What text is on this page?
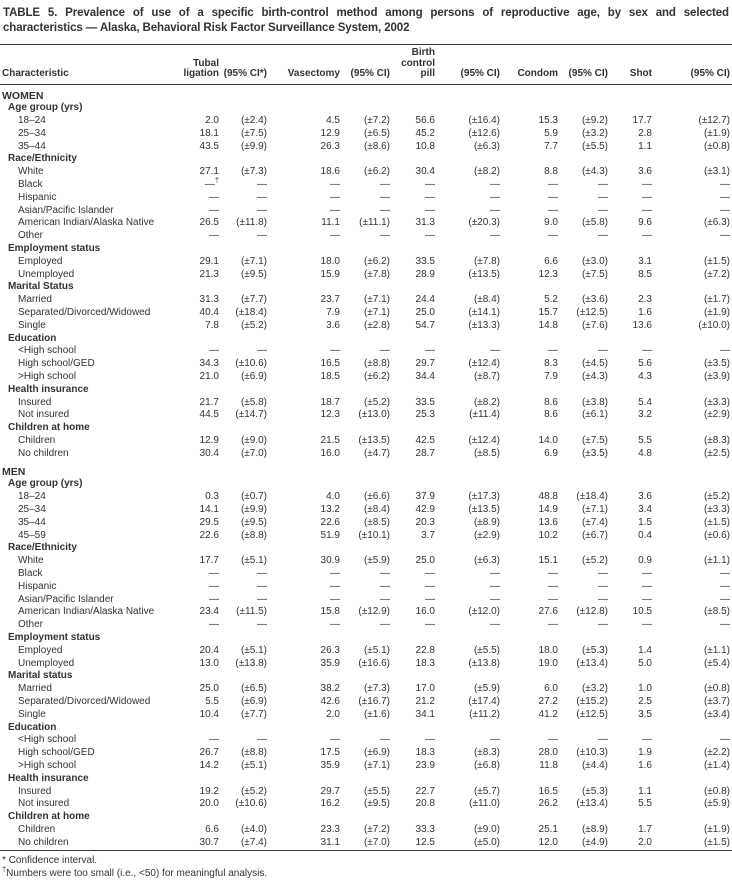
TABLE 5. Prevalence of use of a specific birth-control method among persons of reproductive age, by sex and selected
characteristics — Alaska, Behavioral Risk Factor Surveillance System, 2002
Characteristic	
Tubal
ligation	(95% CI*)	Vasectomy	(95% CI)	
Birth
control
pill	(95% CI)	Condom	(95% CI)	Shot	(95% CI)
WOMEN										
Age group (yrs)										
18–24	2.0	(±2.4)	4.5	(±7.2)	56.6	(±16.4)	15.3	(±9.2)	17.7	(±12.7)
25–34	18.1	(±7.5)	12.9	(±6.5)	45.2	(±12.6)	5.9	(±3.2)	2.8	(±1.9)
35–44	43.5	(±9.9)	26.3	(±8.6)	10.8	(±6.3)	7.7	(±5.5)	1.1	(±0.8)
Race/Ethnicity										
White	27.1	(±7.3)	18.6	(±6.2)	30.4	(±8.2)	8.8	(±4.3)	3.6	(±3.1)
Black	—†	—	—	—	—	—	—	—	—	—
Hispanic	—	—	—	—	—	—	—	—	—	—
Asian/Pacific Islander	—	—	—	—	—	—	—	—	—	—
American Indian/Alaska Native	26.5	(±11.8)	11.1	(±11.1)	31.3	(±20.3)	9.0	(±5.8)	9.6	(±6.3)
Other	—	—	—	—	—	—	—	—	—	—
Employment status										
Employed	29.1	(±7.1)	18.0	(±6.2)	33.5	(±7.8)	6.6	(±3.0)	3.1	(±1.5)
Unemployed	21.3	(±9.5)	15.9	(±7.8)	28.9	(±13.5)	12.3	(±7.5)	8.5	(±7.2)
Marital Status										
Married	31.3	(±7.7)	23.7	(±7.1)	24.4	(±8.4)	5.2	(±3.6)	2.3	(±1.7)
Separated/Divorced/Widowed	40.4	(±18.4)	7.9	(±7.1)	25.0	(±14.1)	15.7	(±12.5)	1.6	(±1.9)
Single	7.8	(±5.2)	3.6	(±2.8)	54.7	(±13.3)	14.8	(±7.6)	13.6	(±10.0)
Education										
<High school	—	—	—	—	—	—	—	—	—	—
High school/GED	34.3	(±10.6)	16.5	(±8.8)	29.7	(±12.4)	8.3	(±4.5)	5.6	(±3.5)
>High school	21.0	(±6.9)	18.5	(±6.2)	34.4	(±8.7)	7.9	(±4.3)	4.3	(±3.9)
Health insurance										
Insured	21.7	(±5.8)	18.7	(±5.2)	33.5	(±8.2)	8.6	(±3.8)	5.4	(±3.3)
Not insured	44.5	(±14.7)	12.3	(±13.0)	25.3	(±11.4)	8.6	(±6.1)	3.2	(±2.9)
Children at home										
Children	12.9	(±9.0)	21.5	(±13.5)	42.5	(±12.4)	14.0	(±7.5)	5.5	(±8.3)
No children	30.4	(±7.0)	16.0	(±4.7)	28.7	(±8.5)	6.9	(±3.5)	4.8	(±2.5)
MEN										
Age group (yrs)										
18–24	0.3	(±0.7)	4.0	(±6.6)	37.9	(±17.3)	48.8	(±18.4)	3.6	(±5.2)
25–34	14.1	(±9.9)	13.2	(±8.4)	42.9	(±13.5)	14.9	(±7.1)	3.4	(±3.3)
35–44	29.5	(±9.5)	22.6	(±8.5)	20.3	(±8.9)	13.6	(±7.4)	1.5	(±1.5)
45–59	22.6	(±8.8)	51.9	(±10.1)	3.7	(±2.9)	10.2	(±6.7)	0.4	(±0.6)
Race/Ethnicity										
White	17.7	(±5.1)	30.9	(±5.9)	25.0	(±6.3)	15.1	(±5.2)	0.9	(±1.1)
Black	—	—	—	—	—	—	—	—	—	—
Hispanic	—	—	—	—	—	—	—	—	—	—
Asian/Pacific Islander	—	—	—	—	—	—	—	—	—	—
American Indian/Alaska Native	23.4	(±11.5)	15.8	(±12.9)	16.0	(±12.0)	27.6	(±12.8)	10.5	(±8.5)
Other	—	—	—	—	—	—	—	—	—	—
Employment status										
Employed	20.4	(±5.1)	26.3	(±5.1)	22.8	(±5.5)	18.0	(±5.3)	1.4	(±1.1)
Unemployed	13.0	(±13.8)	35.9	(±16.6)	18.3	(±13.8)	19.0	(±13.4)	5.0	(±5.4)
Marital status										
Married	25.0	(±6.5)	38.2	(±7.3)	17.0	(±5.9)	6.0	(±3.2)	1.0	(±0.8)
Separated/Divorced/Widowed	5.5	(±6.9)	42.6	(±16.7)	21.2	(±17.4)	27.2	(±15.2)	2.5	(±3.7)
Single	10.4	(±7.7)	2.0	(±1.6)	34.1	(±11.2)	41.2	(±12.5)	3.5	(±3.4)
Education										
<High school	—	—	—	—	—	—	—	—	—	—
High school/GED	26.7	(±8.8)	17.5	(±6.9)	18.3	(±8.3)	28.0	(±10.3)	1.9	(±2.2)
>High school	14.2	(±5.1)	35.9	(±7.1)	23.9	(±6.8)	11.8	(±4.4)	1.6	(±1.4)
Health insurance										
Insured	19.2	(±5.2)	29.7	(±5.5)	22.7	(±5.7)	16.5	(±5.3)	1.1	(±0.8)
Not insured	20.0	(±10.6)	16.2	(±9.5)	20.8	(±11.0)	26.2	(±13.4)	5.5	(±5.9)
Children at home										
Children	6.6	(±4.0)	23.3	(±7.2)	33.3	(±9.0)	25.1	(±8.9)	1.7	(±1.9)
No children	30.7	(±7.4)	31.1	(±7.0)	12.5	(±5.0)	12.0	(±4.9)	2.0	(±1.5)
* Confidence interval.
†Numbers were too small (i.e., <50) for meaningful analysis.
